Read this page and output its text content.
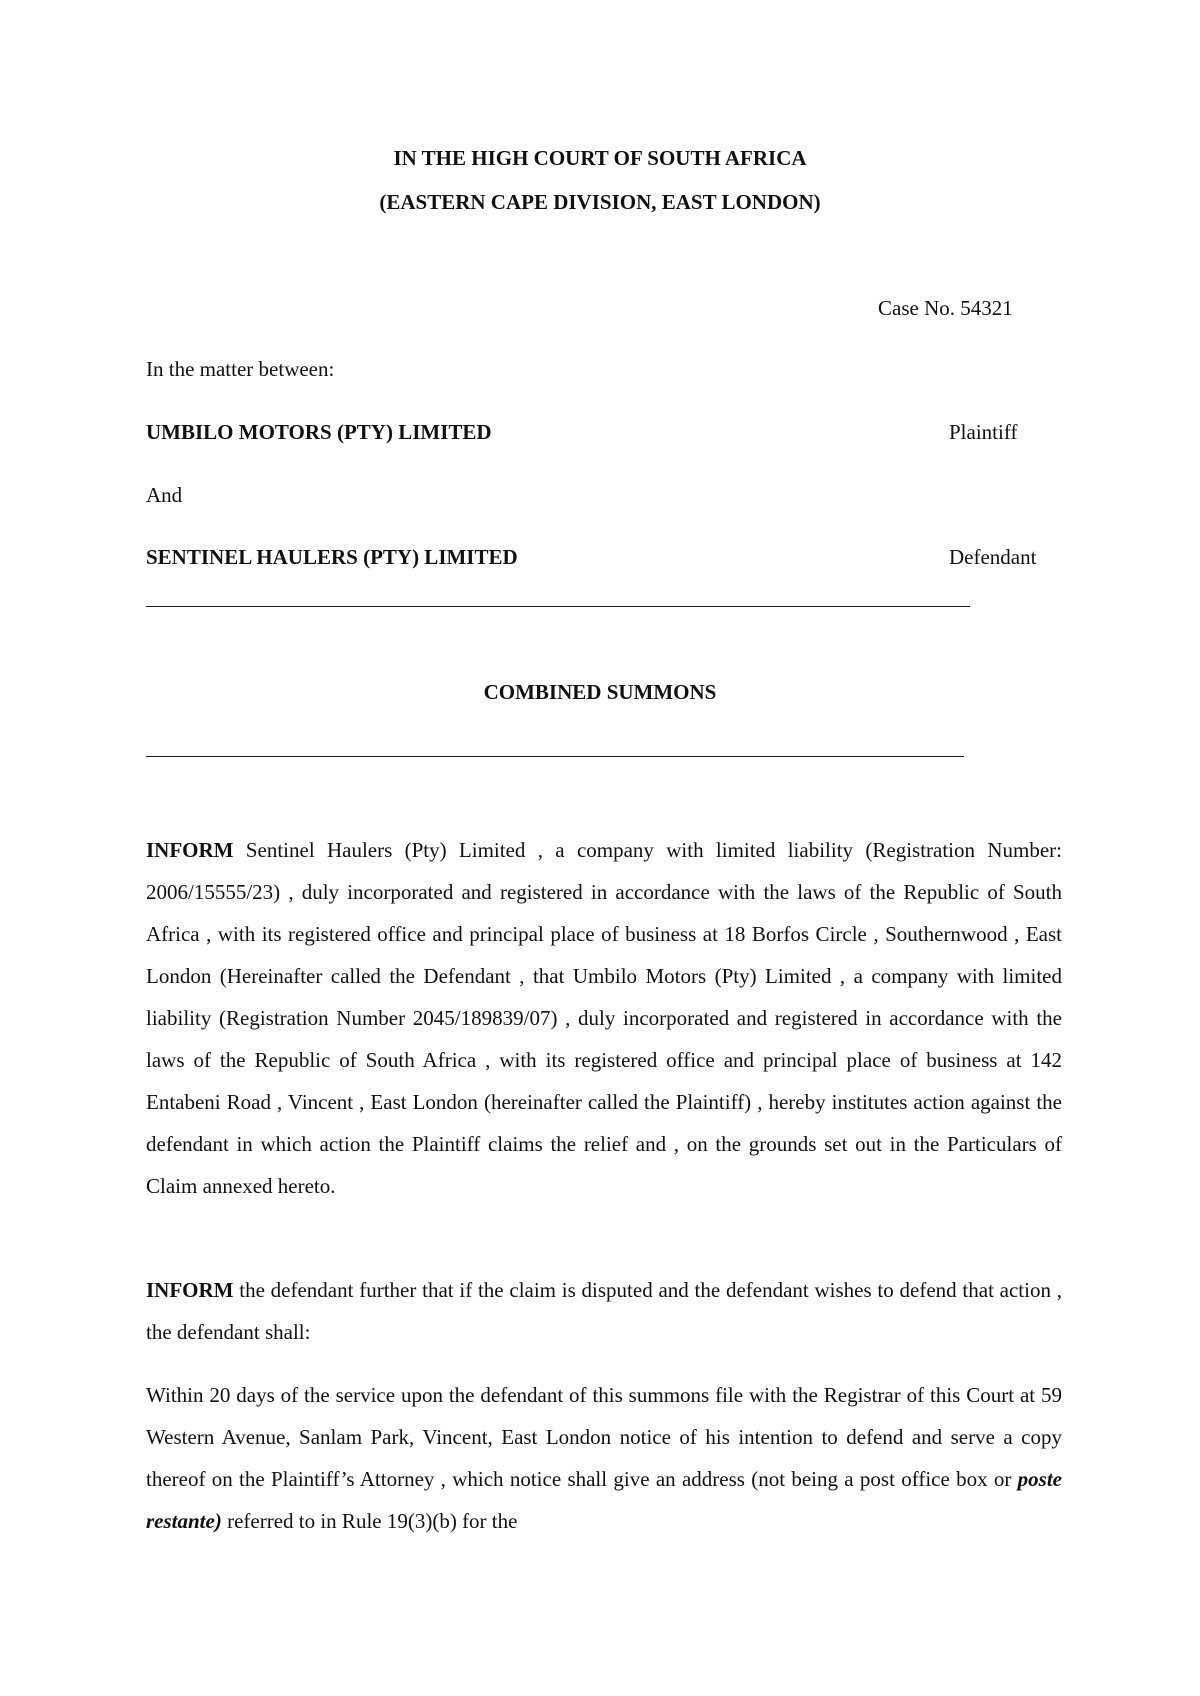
IN THE HIGH COURT OF SOUTH AFRICA
(EASTERN CAPE DIVISION, EAST LONDON)
Case No. 54321
In the matter between:
UMBILO MOTORS (PTY) LIMITED	Plaintiff
And
SENTINEL HAULERS (PTY) LIMITED	Defendant
COMBINED SUMMONS
INFORM Sentinel Haulers (Pty) Limited , a company with limited liability (Registration Number: 2006/15555/23) , duly incorporated and registered in accordance with the laws of the Republic of South Africa , with its registered office and principal place of business at 18 Borfos Circle , Southernwood , East London (Hereinafter called the Defendant , that Umbilo Motors (Pty) Limited , a company with limited liability (Registration Number 2045/189839/07) , duly incorporated and registered in accordance with the laws of the Republic of South Africa , with its registered office and principal place of business at 142 Entabeni Road , Vincent , East London (hereinafter called the Plaintiff) , hereby institutes action against the defendant in which action the Plaintiff claims the relief and , on the grounds set out in the Particulars of Claim annexed hereto.
INFORM the defendant further that if the claim is disputed and the defendant wishes to defend that action , the defendant shall:
Within 20 days of the service upon the defendant of this summons file with the Registrar of this Court at 59 Western Avenue, Sanlam Park, Vincent, East London notice of his intention to defend and serve a copy thereof on the Plaintiff’s Attorney , which notice shall give an address (not being a post office box or poste restante) referred to in Rule 19(3)(b) for the
